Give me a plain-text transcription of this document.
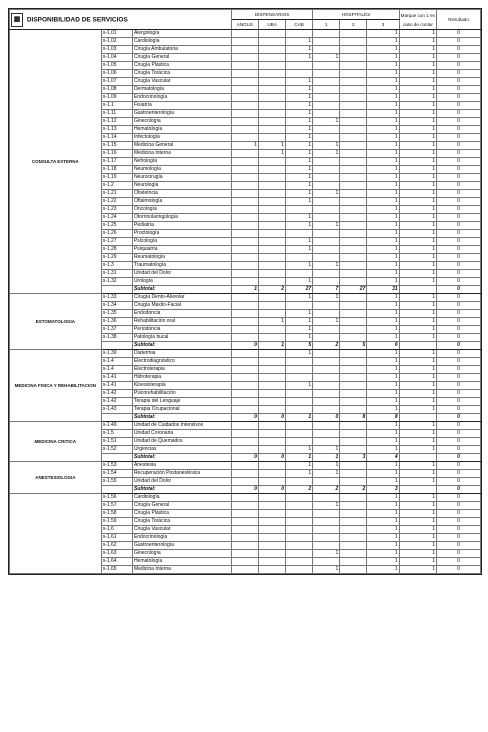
▦ DISPONIBILIDAD DE SERVICIOS			DISPENSARIOS			HOSPITALES			Marque con 1 en caso de contar	Resultado
			ANGUS	UBA	CAB	1	2	3		
CONSULTA EXTERNA	s-1.01	Alergología						1	1	0
	s-1.02	Cardiología			1			1	1	0
	s-1.03	Cirugía Ambulatoria			1			1	1	0
	s-1.04	Cirugía General			1	1		1	1	0
	s-1.05	Cirugía Plástica						1	1	0
	s-1.06	Cirugía Torácica						1	1	0
	s-1.07	Cirugía Vascular			1			1	1	0
	s-1.08	Dermatología			1			1	1	0
	s-1.09	Endocrinología			1			1	1	0
	s-1.1	Fisiatría			1			1	1	0
	s-1.11	Gastroenterología			1			1	1	0
	s-1.12	Ginecología			1	1		1	1	0
	s-1.13	Hematología			1			1	1	0
	s-1.14	Infectología			1			1	1	0
	s-1.15	Medicina General	1	1	1	1		1	1	0
	s-1.16	Medicina Interna		1	1	1		1	1	0
	s-1.17	Nefrología			1			1	1	0
	s-1.18	Neumología			1			1	1	0
	s-1.19	Neurocirugía			1			1	1	0
	s-1.2	Neurología			1			1	1	0
	s-1.21	Obstetricia			1	1		1	1	0
	s-1.22	Oftalmología			1			1	1	0
	s-1.23	Oncología						1	1	0
	s-1.24	Otorrinolaringología			1			1	1	0
	s-1.25	Pediatría			1	1		1	1	0
	s-1.26	Proctología						1	1	0
	s-1.27	Psicología			1			1	1	0
	s-1.28	Psiquiatría			1			1	1	0
	s-1.29	Reumatología						1	1	0
	s-1.3	Traumatología			1	1		1	1	0
	s-1.31	Unidad del Dolor						1	1	0
	s-1.32	Urología			1			1	1	0
		Subtotal:	1	2	27	7	27	31		0
ESTOMATOLOGIA	s-1.33	Cirugía Dento-Alveolar			1	1		1	1	0
	s-1.34	Cirugía Maxilo-Facial						1	1	0
	s-1.35	Endodoncia			1			1	1	0
	s-1.36	Rehabilitación oral		1	1	1		1	1	0
	s-1.37	Periodoncia			1			1	1	0
	s-1.38	Patología bucal			1			1	1	0
		Subtotal:	0	1	5	2	5	6		0
MEDICINA FISICA Y REHABILITACION	s-1.39	Diatermia			1			1	1	0
	s-1.4	Electrodiagnóstico						1	1	0
	s-1.4	Electroterapia						1	1	0
	s-1.41	Hidroterapia						1	1	0
	s-1.41	Kinesioterapia			1			1	1	0
	s-1.42	Psicorehabilitación						1	1	0
	s-1.42	Terapia del Lenguaje						1	1	0
	s-1.43	Terapia Ocupacional						1	1	0
		Subtotal:	0	0	1	0	8	8		0
MEDICINA CRITICA	s-1.49	Unidad de Cuidados Intensivos						1	1	0
	s-1.5	Unidad Coronaria						1	1	0
	s-1.51	Unidad de Quemados						1	1	0
	s-1.52	Urgencias			1	1		1	1	0
		Subtotal:	0	0	1	1	3	4		0
ANESTESIOLOGIA	s-1.53	Anestesia			1	1		1	1	0
	s-1.54	Recuperación Postanestésica			1	1		1	1	0
	s-1.55	Unidad del Dolor						1	1	0
		Subtotal:	0	0	2	2	2	3		0
	s-1.56	Cardiología						1	1	0
	s-1.57	Cirugía General				1		1	1	0
	s-1.58	Cirugía Plástica						1	1	0
	s-1.59	Cirugía Torácica						1	1	0
	s-1.6	Cirugía Vascular						1	1	0
	s-1.61	Endocrinología						1	1	0
	s-1.62	Gastroenterología						1	1	0
	s-1.63	Ginecología				1		1	1	0
	s-1.64	Hematología						1	1	0
	s-1.65	Medicina Interna				1		1	1	0
